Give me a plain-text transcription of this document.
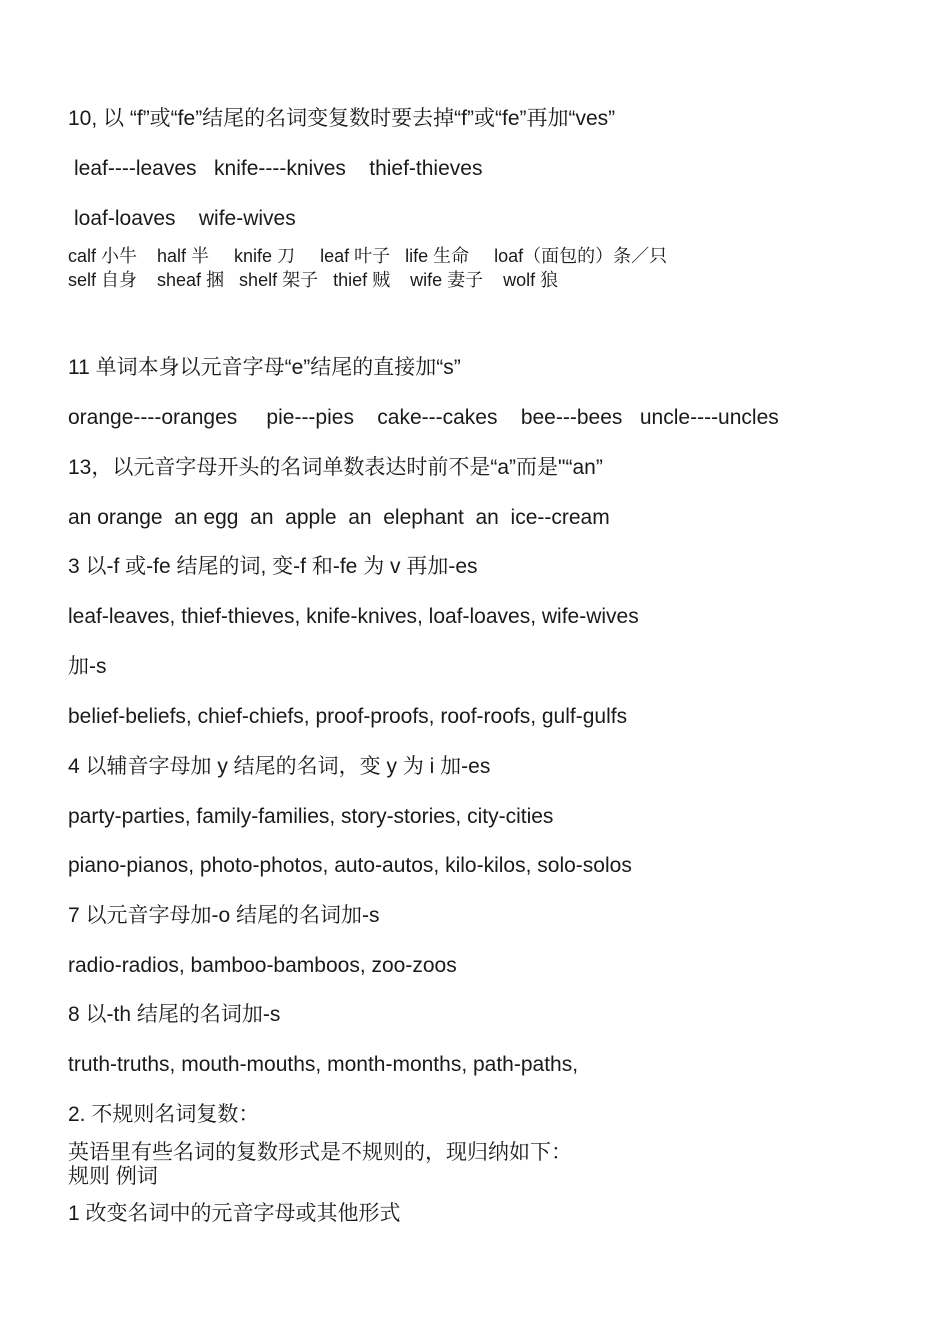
10, 以 “f”或“fe”结尾的名词变复数时要去掉“f”或“fe”再加“ves”
leaf----leaves   knife----knives    thief-thieves
loaf-loaves    wife-wives
calf 小牛    half 半     knife 刀     leaf 叶子   life 生命     loaf（面包的）条／只
self 自身    sheaf 捆   shelf 架子   thief 贼    wife 妻子    wolf 狼
11 单词本身以元音字母“e”结尾的直接加“s”
orange----oranges     pie---pies    cake---cakes    bee---bees   uncle----uncles
13，以元音字母开头的名词单数表达时前不是“a”而是"“an”
an orange  an egg  an  apple  an  elephant  an  ice--cream
3 以-f 或-fe 结尾的词, 变-f 和-fe 为 v 再加-es
leaf-leaves, thief-thieves, knife-knives, loaf-loaves, wife-wives
加-s
belief-beliefs, chief-chiefs, proof-proofs, roof-roofs, gulf-gulfs
4 以辅音字母加 y 结尾的名词，变 y 为 i 加-es
party-parties, family-families, story-stories, city-cities
piano-pianos, photo-photos, auto-autos, kilo-kilos, solo-solos
7 以元音字母加-o 结尾的名词加-s
radio-radios, bamboo-bamboos, zoo-zoos
8 以-th 结尾的名词加-s
truth-truths, mouth-mouths, month-months, path-paths,
2. 不规则名词复数：
英语里有些名词的复数形式是不规则的，现归纳如下：
规则 例词
1 改变名词中的元音字母或其他形式
